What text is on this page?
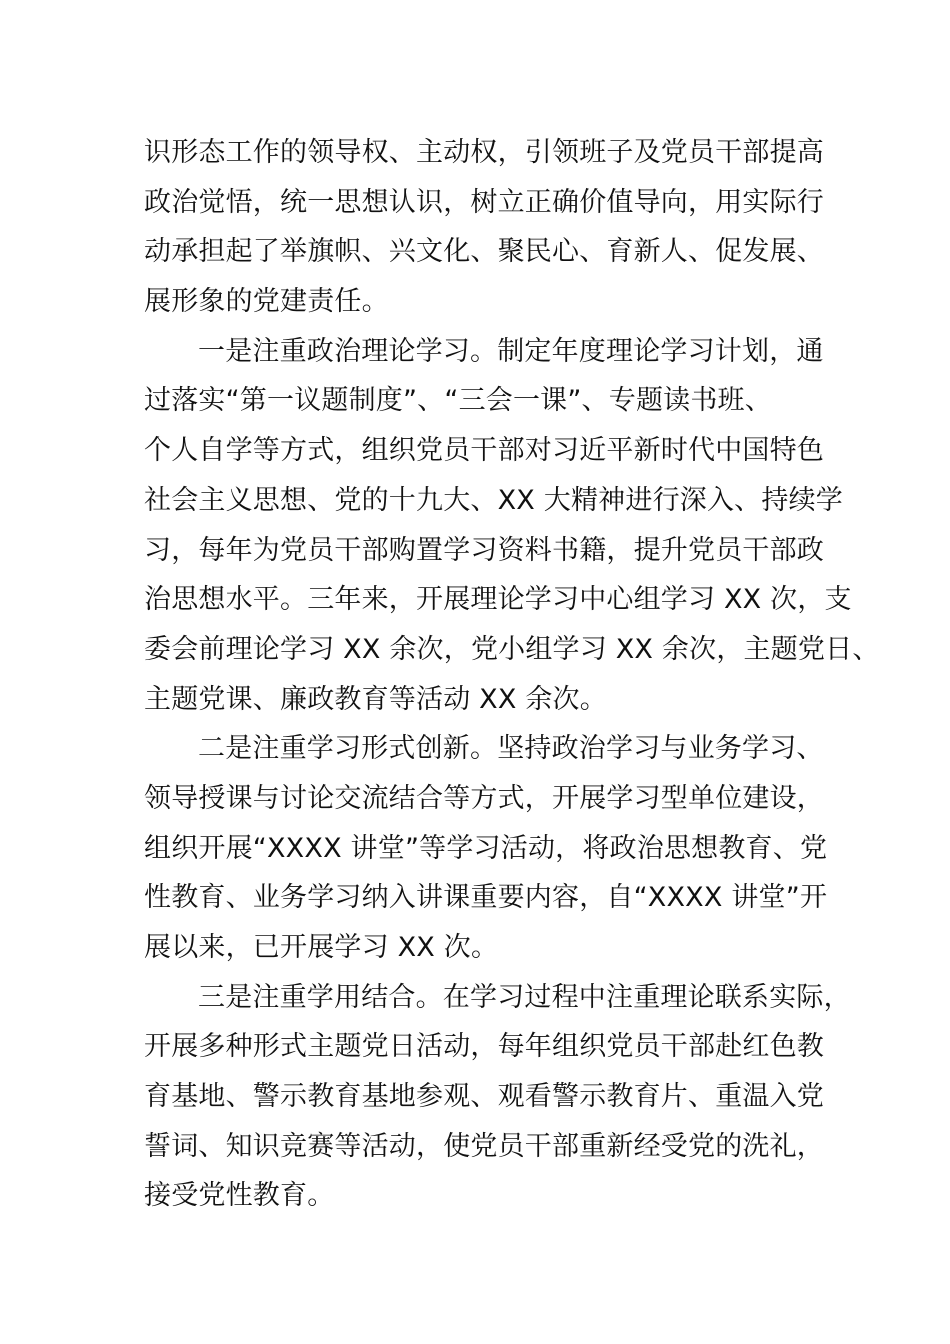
识形态工作的领导权、主动权，引领班子及党员干部提高
政治觉悟，统一思想认识，树立正确价值导向，用实际行
动承担起了举旗帜、兴文化、聚民心、育新人、促发展、
展形象的党建责任。
一是注重政治理论学习。制定年度理论学习计划，通
过落实“第一议题制度”、“三会一课”、专题读书班、
个人自学等方式，组织党员干部对习近平新时代中国特色
社会主义思想、党的十九大、XX 大精神进行深入、持续学
习，每年为党员干部购置学习资料书籍，提升党员干部政
治思想水平。三年来，开展理论学习中心组学习 XX 次，支
委会前理论学习 XX 余次，党小组学习 XX 余次，主题党日、
主题党课、廉政教育等活动 XX 余次。
二是注重学习形式创新。坚持政治学习与业务学习、
领导授课与讨论交流结合等方式，开展学习型单位建设，
组织开展“XXXX 讲堂”等学习活动，将政治思想教育、党
性教育、业务学习纳入讲课重要内容，自“XXXX 讲堂”开
展以来，已开展学习 XX 次。
三是注重学用结合。在学习过程中注重理论联系实际，
开展多种形式主题党日活动，每年组织党员干部赴红色教
育基地、警示教育基地参观、观看警示教育片、重温入党
誓词、知识竞赛等活动，使党员干部重新经受党的洗礼，
接受党性教育。
